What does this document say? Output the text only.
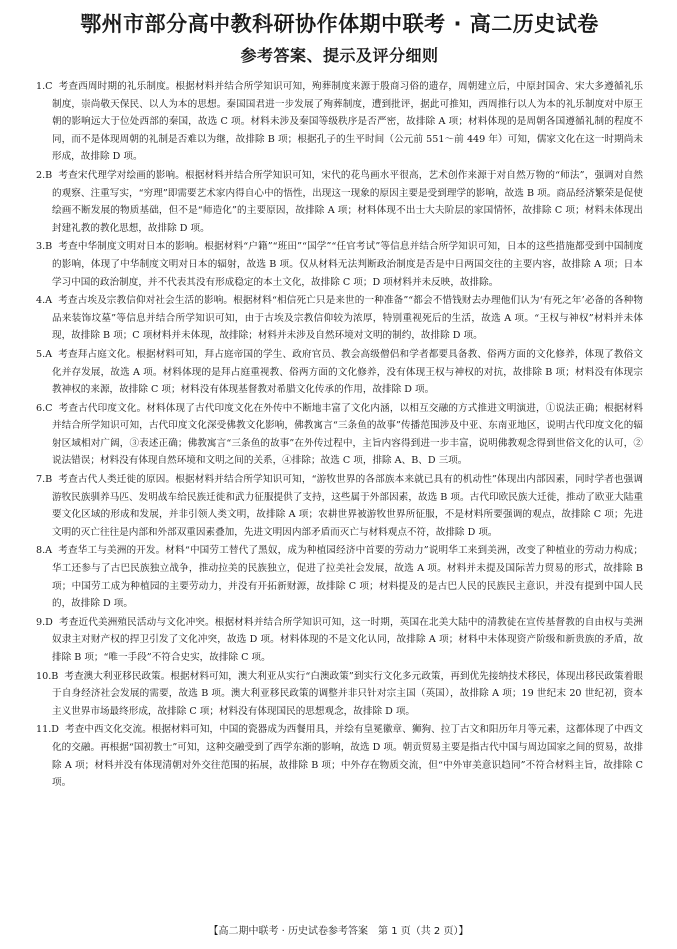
鄂州市部分高中教科研协作体期中联考 · 高二历史试卷
参考答案、提示及评分细则

1.C 考查西周时期的礼乐制度。根据材料并结合所学知识可知，殉葬制度来源于殷商习俗的遗存，周朝建立后，中原封国舍、宋大多遵循礼乐制度，崇尚敬天保民、以人为本的思想。秦国国君进一步发展了殉葬制度，遭到批评，据此可推知，西周推行以人为本的礼乐制度对中原王朝的影响远大于位处西部的秦国，故选 C 项。材料未涉及秦国等级秩序是否严密，故排除 A 项；材料体现的是周朝各国遵循礼制的程度不同，而不是体现周朝的礼制是否难以为继，故排除 B 项；根据孔子的生平时间（公元前 551～前 449 年）可知，儒家文化在这一时期尚未形成，故排除 D 项。

2.B 考查宋代理学对绘画的影响。根据材料并结合所学知识可知，宋代的花鸟画水平很高，艺术创作来源于对自然万物的“师法”，强调对自然的观察、注重写实，“穷理”即需要艺术家内得自心中的悟性，出现这一现象的原因主要是受到理学的影响，故选 B 项。商品经济繁荣是促使绘画不断发展的物质基础，但不是“师造化”的主要原因，故排除 A 项；材料体现不出士大夫阶层的家国情怀，故排除 C 项；材料未体现出封建礼教的教化思想，故排除 D 项。

3.B 考查中华制度文明对日本的影响。根据材料“户籍”“班田”“国学”“任官考试”等信息并结合所学知识可知，日本的这些措施都受到中国制度的影响，体现了中华制度文明对日本的辐射，故选 B 项。仅从材料无法判断政治制度是否是中日两国交往的主要内容，故排除 A 项；日本学习中国的政治制度，并不代表其没有形成稳定的本土文化，故排除 C 项；D 项材料并未反映，故排除。

4.A 考查古埃及宗教信仰对社会生活的影响。根据材料“相信死亡只是来世的一种准备”“都会不惜钱财去办理他们认为‘有死之年’必备的各种物品来装饰坟墓”等信息并结合所学知识可知，由于古埃及宗教信仰较为浓厚，特别重视死后的生活，故选 A 项。“王权与神权”材料并未体现，故排除 B 项；C 项材料并未体现，故排除；材料并未涉及自然环境对文明的制约，故排除 D 项。

5.A 考查拜占庭文化。根据材料可知，拜占庭帝国的学生、政府官员、教会高级僧侣和学者都要具备教、俗两方面的文化修养，体现了教俗文化并存发展，故选 A 项。材料体现的是拜占庭重视教、俗两方面的文化修养，没有体现王权与神权的对抗，故排除 B 项；材料没有体现宗教神权的来源，故排除 C 项；材料没有体现基督教对希腊文化传承的作用，故排除 D 项。

6.C 考查古代印度文化。材料体现了古代印度文化在外传中不断地丰富了文化内涵，以相互交融的方式推进文明演进，①说法正确；根据材料并结合所学知识可知，古代印度文化深受佛教文化影响，佛教寓言“三条鱼的故事”传播范围涉及中亚、东南亚地区，说明古代印度文化的辐射区域相对广阔，③表述正确；佛教寓言“三条鱼的故事”在外传过程中，主旨内容得到进一步丰富，说明佛教观念得到世俗文化的认可，②说法错误；材料没有体现自然环境和文明之间的关系，④排除；故选 C 项，排除 A、B、D 三项。

7.B 考查古代人类迁徙的原因。根据材料并结合所学知识可知，“游牧世界的各部族本来就已具有的机动性”体现出内部因素，同时学者也强调游牧民族驯养马匹、发明战车给民族迁徙和武力征服提供了支持，这些属于外部因素，故选 B 项。古代印欧民族大迁徙，推动了欧亚大陆重要文化区域的形成和发展，并非引领人类文明，故排除 A 项；农耕世界被游牧世界所征服，不是材料所要强调的观点，故排除 C 项；先进文明的灭亡往往是内部和外部双重因素叠加，先进文明因内部矛盾而灭亡与材料观点不符，故排除 D 项。

8.A 考查华工与美洲的开发。材料“中国劳工替代了黑奴，成为种植园经济中首要的劳动力”说明华工来到美洲，改变了种植业的劳动力构成；华工还参与了古巴民族独立战争，推动拉美的民族独立，促进了拉美社会发展，故选 A 项。材料并未提及国际苦力贸易的形式，故排除 B 项；中国劳工成为种植园的主要劳动力，并没有开拓新财源，故排除 C 项；材料提及的是古巴人民的民族民主意识，并没有提到中国人民的，故排除 D 项。

9.D 考查近代美洲殖民活动与文化冲突。根据材料并结合所学知识可知，这一时期，英国在北美大陆中的清教徒在宣传基督教的自由权与美洲奴隶主对财产权的捍卫引发了文化冲突，故选 D 项。材料体现的不是文化认同，故排除 A 项；材料中未体现资产阶级和新贵族的矛盾，故排除 B 项；“唯一手段”不符合史实，故排除 C 项。

10.B 考查澳大利亚移民政策。根据材料可知，澳大利亚从实行“白澳政策”到实行文化多元政策，再到优先接纳技术移民，体现出移民政策着眼于自身经济社会发展的需要，故选 B 项。澳大利亚移民政策的调整并非只针对宗主国（英国），故排除 A 项；19 世纪末 20 世纪初，资本主义世界市场最终形成，故排除 C 项；材料没有体现国民的思想观念，故排除 D 项。

11.D 考查中西文化交流。根据材料可知，中国的瓷器成为西餐用具，并绘有皇冕徽章、狮狗、拉丁古文和阳历年月等元素，这都体现了中西文化的交融。再根据“国初教士”可知，这种交融受到了西学东渐的影响，故选 D 项。朝贡贸易主要是指古代中国与周边国家之间的贸易，故排除 A 项；材料并没有体现清朝对外交往范围的拓展，故排除 B 项；中外存在物质交流，但“中外审美意识趋同”不符合材料主旨，故排除 C 项。

【高二期中联考 · 历史试卷参考答案　第 1 页（共 2 页）】
